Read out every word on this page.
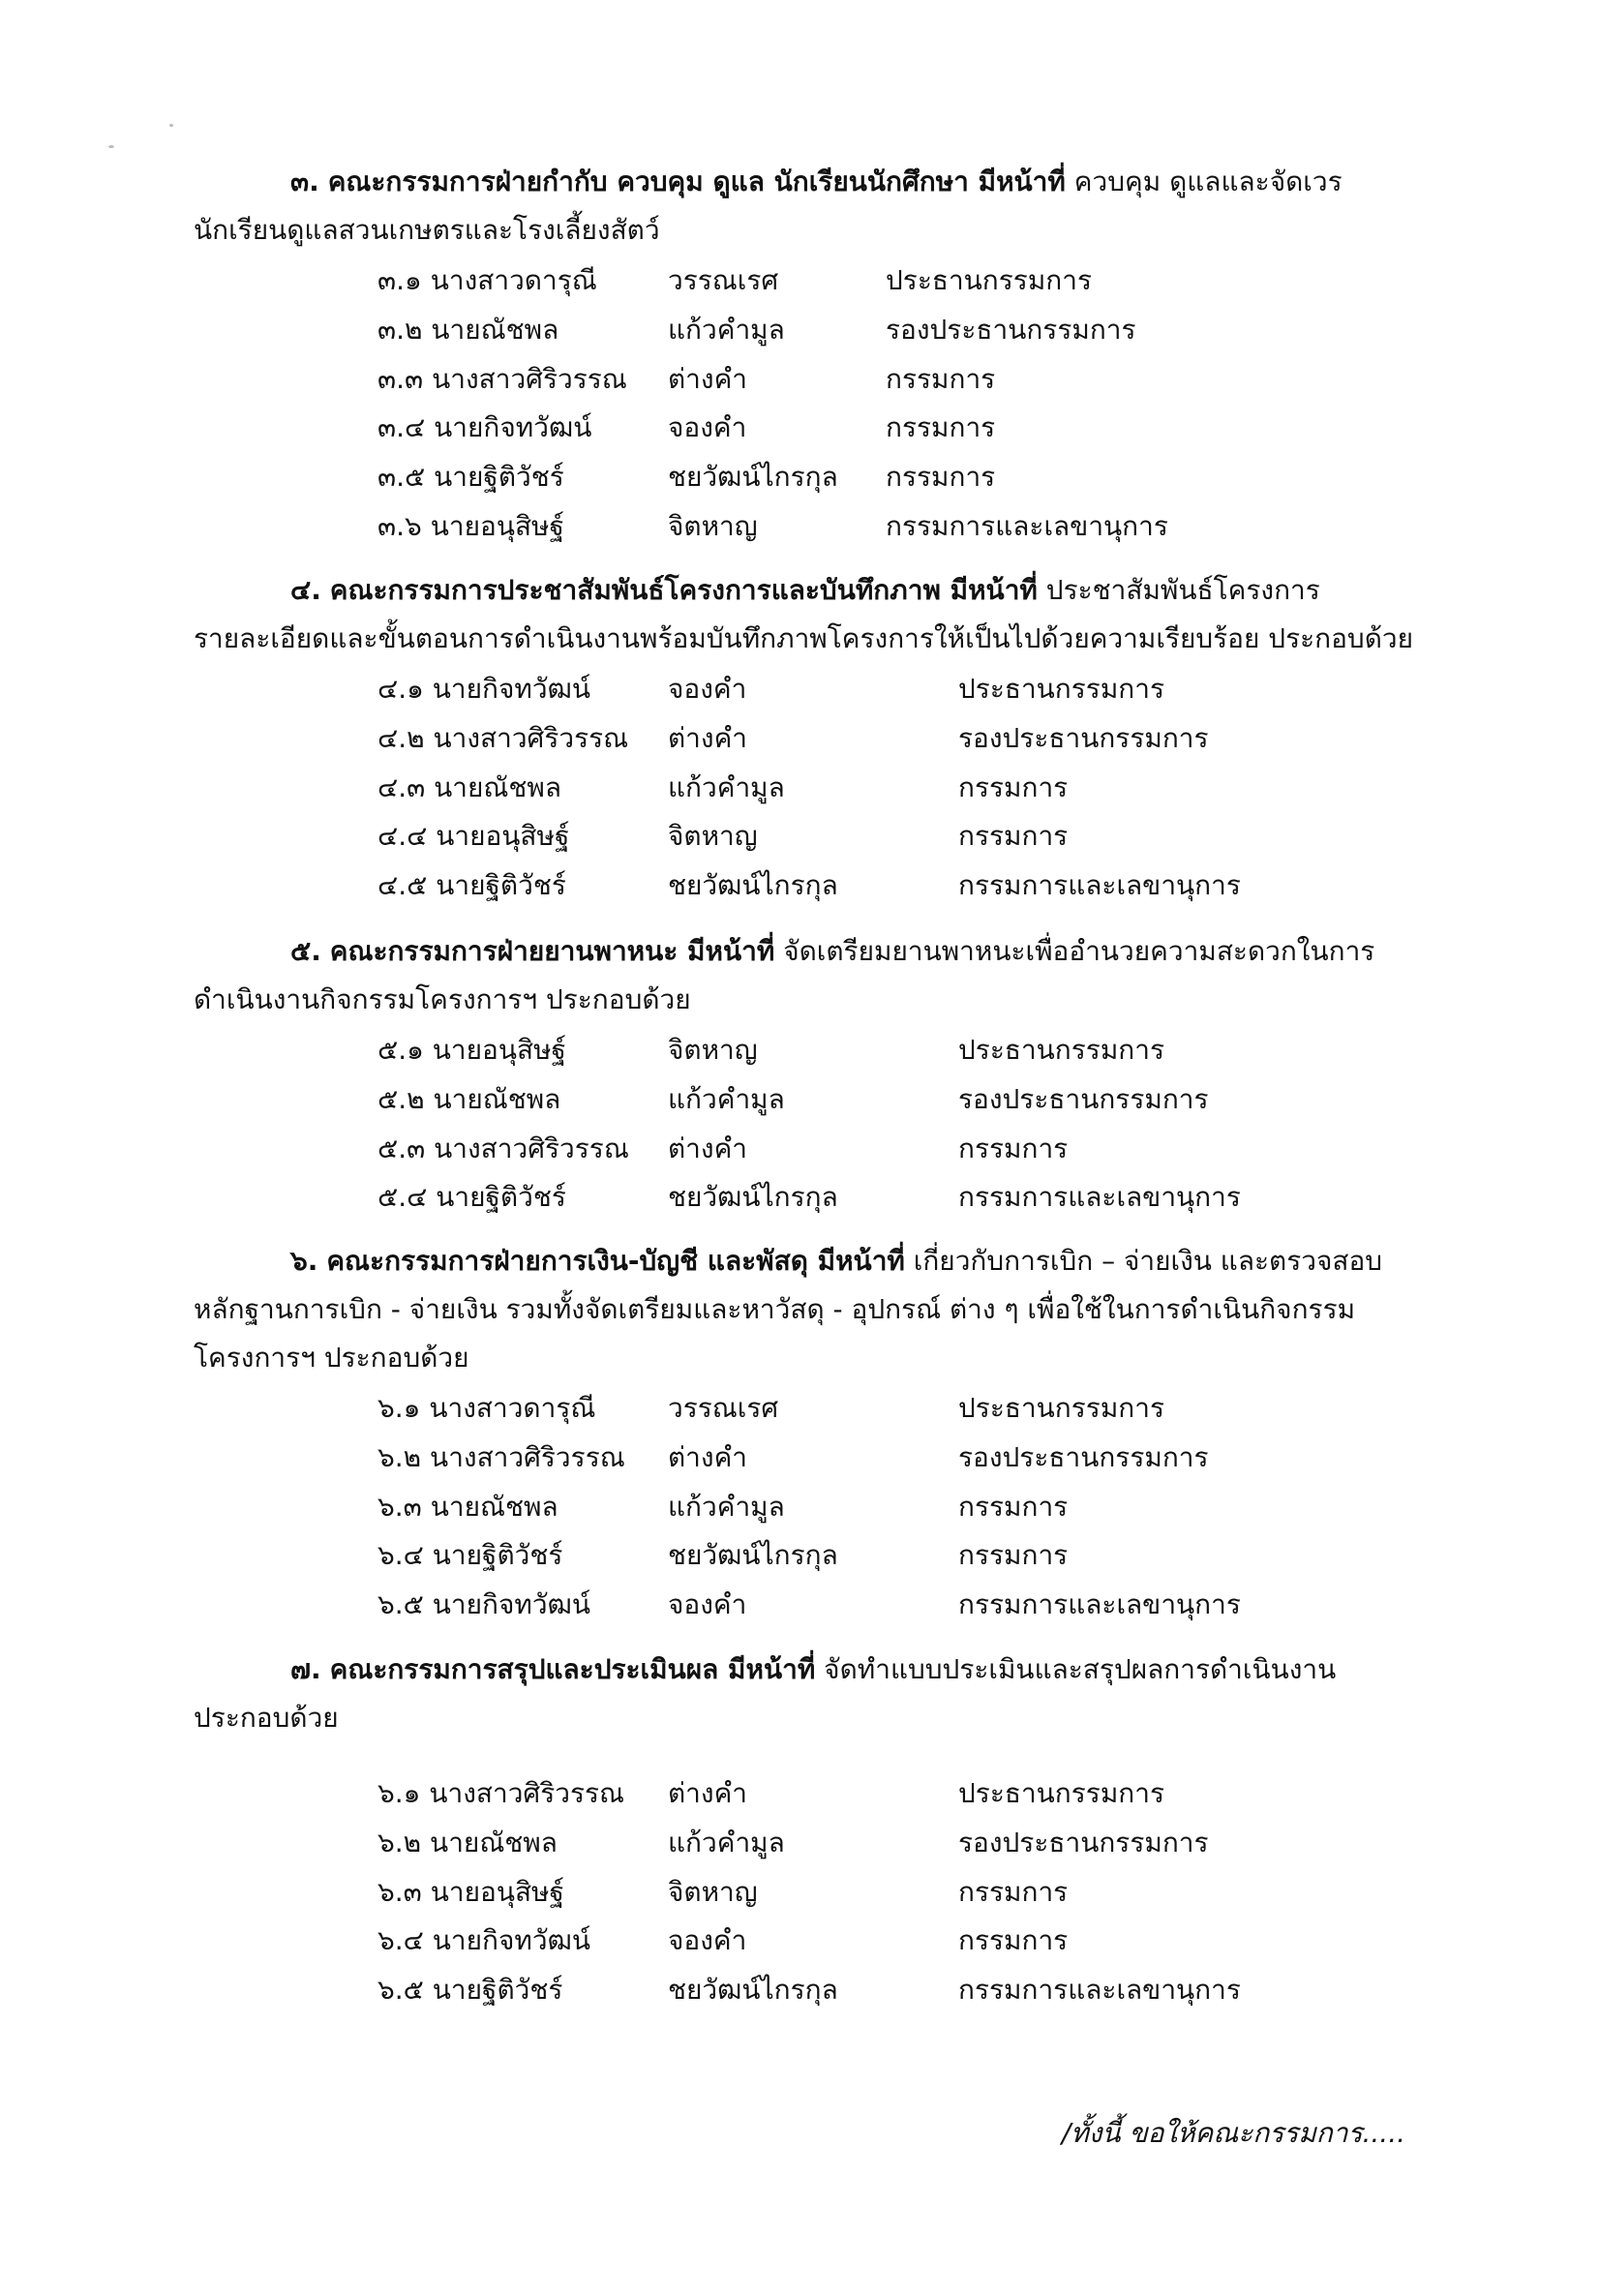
๓. คณะกรรมการฝ่ายกำกับ ควบคุม ดูแล นักเรียนนักศึกษา มีหน้าที่ ควบคุม ดูแลและจัดเวร
นักเรียนดูแลสวนเกษตรและโรงเลี้ยงสัตว์
๓.๑ นางสาวดารุณี	วรรณเรศ	ประธานกรรมการ
๓.๒ นายณัชพล	แก้วคำมูล	รองประธานกรรมการ
๓.๓ นางสาวศิริวรรณ	ต่างคำ	กรรมการ
๓.๔ นายกิจทวัฒน์	จองคำ	กรรมการ
๓.๕ นายฐิติวัชร์	ชยวัฒน์ไกรกุล	กรรมการ
๓.๖ นายอนุสิษฐ์	จิตหาญ	กรรมการและเลขานุการ
๔. คณะกรรมการประชาสัมพันธ์โครงการและบันทึกภาพ มีหน้าที่ ประชาสัมพันธ์โครงการ
รายละเอียดและขั้นตอนการดำเนินงานพร้อมบันทึกภาพโครงการให้เป็นไปด้วยความเรียบร้อย ประกอบด้วย
๔.๑ นายกิจทวัฒน์	จองคำ	ประธานกรรมการ
๔.๒ นางสาวศิริวรรณ	ต่างคำ	รองประธานกรรมการ
๔.๓ นายณัชพล	แก้วคำมูล	กรรมการ
๔.๔ นายอนุสิษฐ์	จิตหาญ	กรรมการ
๔.๕ นายฐิติวัชร์	ชยวัฒน์ไกรกุล	กรรมการและเลขานุการ
๕. คณะกรรมการฝ่ายยานพาหนะ มีหน้าที่ จัดเตรียมยานพาหนะเพื่ออำนวยความสะดวกในการ
ดำเนินงานกิจกรรมโครงการฯ ประกอบด้วย
๕.๑ นายอนุสิษฐ์	จิตหาญ	ประธานกรรมการ
๕.๒ นายณัชพล	แก้วคำมูล	รองประธานกรรมการ
๕.๓ นางสาวศิริวรรณ	ต่างคำ	กรรมการ
๕.๔ นายฐิติวัชร์	ชยวัฒน์ไกรกุล	กรรมการและเลขานุการ
๖. คณะกรรมการฝ่ายการเงิน-บัญชี และพัสดุ มีหน้าที่ เกี่ยวกับการเบิก – จ่ายเงิน และตรวจสอบ
หลักฐานการเบิก - จ่ายเงิน รวมทั้งจัดเตรียมและหาวัสดุ - อุปกรณ์ ต่าง ๆ เพื่อใช้ในการดำเนินกิจกรรม
โครงการฯ ประกอบด้วย
๖.๑ นางสาวดารุณี	วรรณเรศ	ประธานกรรมการ
๖.๒ นางสาวศิริวรรณ	ต่างคำ	รองประธานกรรมการ
๖.๓ นายณัชพล	แก้วคำมูล	กรรมการ
๖.๔ นายฐิติวัชร์	ชยวัฒน์ไกรกุล	กรรมการ
๖.๕ นายกิจทวัฒน์	จองคำ	กรรมการและเลขานุการ
๗. คณะกรรมการสรุปและประเมินผล มีหน้าที่ จัดทำแบบประเมินและสรุปผลการดำเนินงาน
ประกอบด้วย
๖.๑ นางสาวศิริวรรณ	ต่างคำ	ประธานกรรมการ
๖.๒ นายณัชพล	แก้วคำมูล	รองประธานกรรมการ
๖.๓ นายอนุสิษฐ์	จิตหาญ	กรรมการ
๖.๔ นายกิจทวัฒน์	จองคำ	กรรมการ
๖.๕ นายฐิติวัชร์	ชยวัฒน์ไกรกุล	กรรมการและเลขานุการ
/ทั้งนี้ ขอให้คณะกรรมการ.....
